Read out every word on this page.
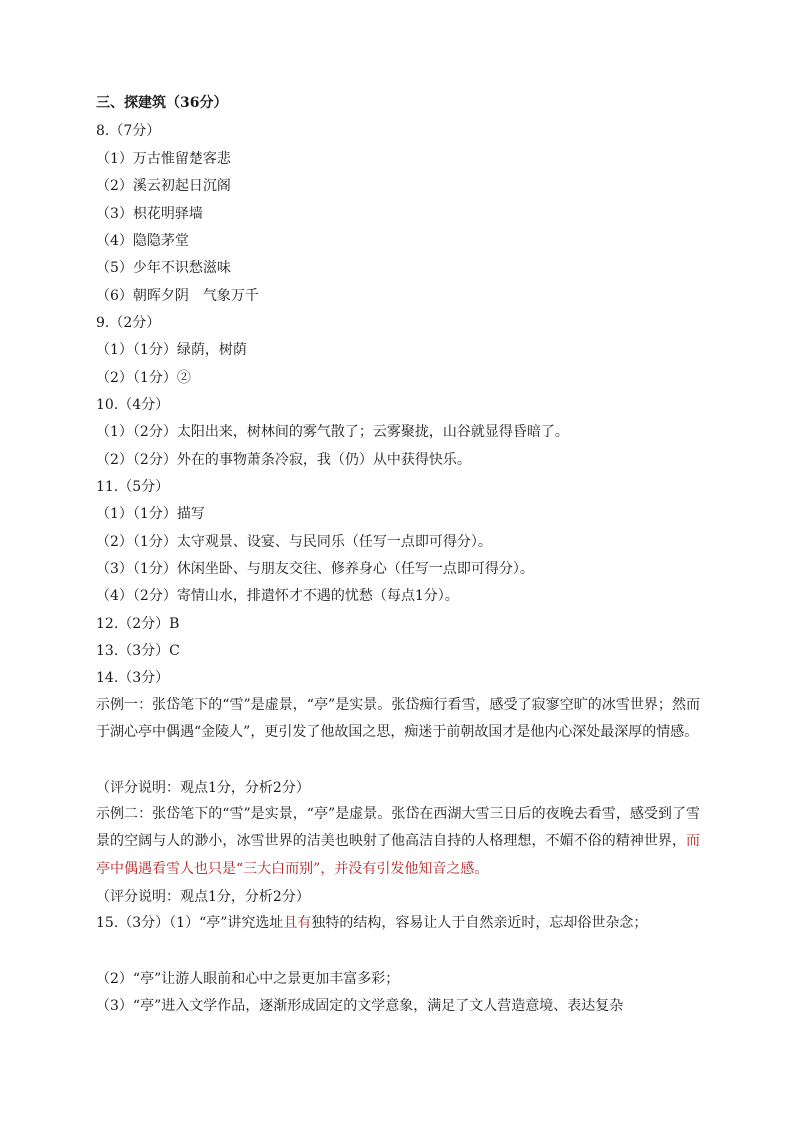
三、探建筑（36分）
8.（7分）
（1）万古惟留楚客悲
（2）溪云初起日沉阁
（3）枳花明驿墙
（4）隐隐茅堂
（5）少年不识愁滋味
（6）朝晖夕阴　气象万千
9.（2分）
（1）（1分）绿荫，树荫
（2）（1分）②
10.（4分）
（1）（2分）太阳出来，树林间的雾气散了；云雾聚拢，山谷就显得昏暗了。
（2）（2分）外在的事物萧条冷寂，我（仍）从中获得快乐。
11.（5分）
（1）（1分）描写
（2）（1分）太守观景、设宴、与民同乐（任写一点即可得分）。
（3）（1分）休闲坐卧、与朋友交往、修养身心（任写一点即可得分）。
（4）（2分）寄情山水，排遣怀才不遇的忧愁（每点1分）。
12.（2分）B
13.（3分）C
14.（3分）
示例一：张岱笔下的“雪”是虚景，“亭”是实景。张岱痴行看雪，感受了寂寥空旷的冰雪世界；然而于湖心亭中偶遇“金陵人”，更引发了他故国之思，痴迷于前朝故国才是他内心深处最深厚的情感。
（评分说明：观点1分，分析2分）
示例二：张岱笔下的“雪”是实景，“亭”是虚景。张岱在西湖大雪三日后的夜晚去看雪，感受到了雪景的空阔与人的渺小，冰雪世界的洁美也映射了他高洁自持的人格理想，不媚不俗的精神世界，而亭中偶遇看雪人也只是“三大白而别”，并没有引发他知音之感。
（评分说明：观点1分，分析2分）
15.（3分）（1）“亭”讲究选址且有独特的结构，容易让人于自然亲近时，忘却俗世杂念；
（2）“亭”让游人眼前和心中之景更加丰富多彩；
（3）“亭”进入文学作品，逐渐形成固定的文学意象，满足了文人营造意境、表达复杂
